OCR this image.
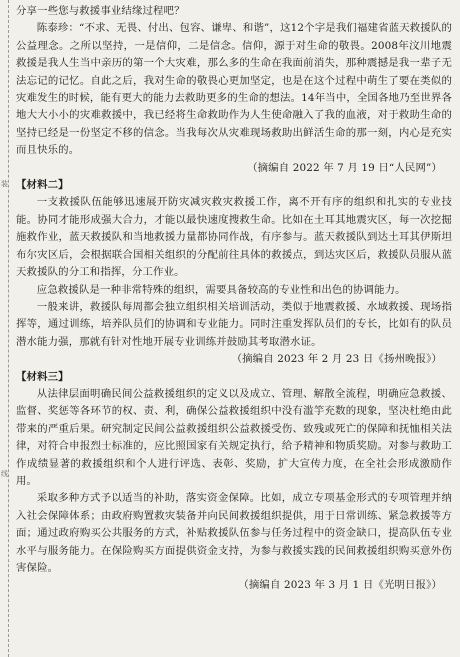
装
线

分享一些您与救援事业结缘过程吧？

陈泰珍：“不求、无畏、付出、包容、谦卑、和谐”，这12个字是我们福建省蓝天救援队的公益理念。之所以坚持，一是信仰，二是信念。信仰，源于对生命的敬畏。2008年汶川地震救援是我人生当中亲历的第一个大灾难，那么多的生命在我面前消失，那种震撼是我一辈子无法忘记的记忆。自此之后，我对生命的敬畏心更加坚定，也是在这个过程中萌生了要在类似的灾难发生的时候，能有更大的能力去救助更多的生命的想法。14年当中，全国各地乃至世界各地大大小小的灾难救援中，我已经将生命救助作为人生使命融入了我的血液，对于救助生命的坚持已经是一份坚定不移的信念。当我每次从灾难现场救助出鲜活生命的那一刻，内心是充实而且快乐的。

（摘编自 2022 年 7 月 19 日“人民网”）

【材料二】

一支救援队伍能够迅速展开防灾减灾救灾救援工作，离不开有序的组织和扎实的专业技能。协同才能形成强大合力，才能以最快速度搜救生命。比如在土耳其地震灾区，每一次挖掘施救作业，蓝天救援队和当地救援力量都协同作战，有序参与。蓝天救援队到达土耳其伊斯坦布尔灾区后，会根据联合国相关组织的分配前往具体的救援点，到达灾区后，救援队员服从蓝天救援队的分工和指挥，分工作业。

应急救援队是一种非常特殊的组织，需要具备较高的专业性和出色的协调能力。

一般来讲，救援队每周都会独立组织相关培训活动，类似于地震救援、水域救援、现场指挥等，通过训练，培养队员们的协调和专业能力。同时注重发挥队员们的专长，比如有的队员潜水能力强，那就有针对性地开展专业训练并鼓励其考取潜水证。

（摘编自 2023 年 2 月 23 日《扬州晚报》）

【材料三】

从法律层面明确民间公益救援组织的定义以及成立、管理、解散全流程，明确应急救援、监督、奖惩等各环节的权、责、利，确保公益救援组织中没有滥竽充数的现象，坚决杜绝由此带来的严重后果。研究制定民间公益救援组织公益救援受伤、致残或死亡的保障和抚恤相关法律，对符合申报烈士标准的，应比照国家有关规定执行，给予精神和物质奖励。对参与救助工作成绩显著的救援组织和个人进行评选、表彰、奖励，扩大宣传力度，在全社会形成激励作用。

采取多种方式予以适当的补助，落实资金保障。比如，成立专项基金形式的专项管理并纳入社会保障体系；由政府购置救灾装备并向民间救援组织提供，用于日常训练、紧急救援等方面；通过政府购买公共服务的方式，补贴救援队伍参与任务过程中的资金缺口，提高队伍专业水平与服务能力。在保险购买方面提供资金支持，为参与救援实践的民间救援组织购买意外伤害保险。

（摘编自 2023 年 3 月 1 日《光明日报》）
